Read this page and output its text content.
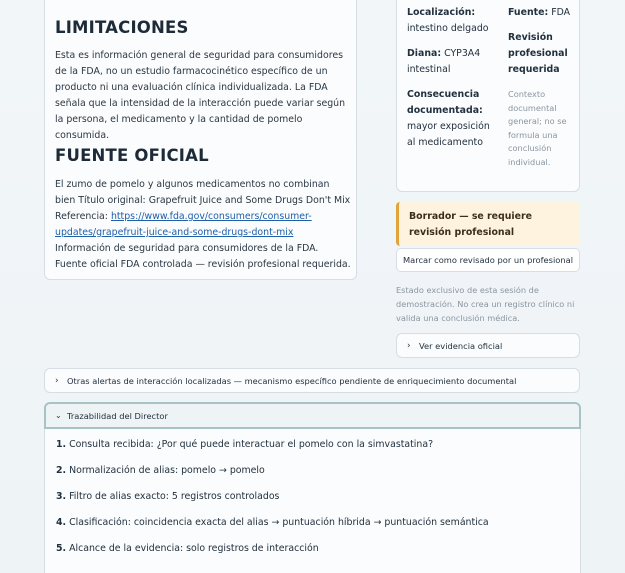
LIMITACIONES
Esta es información general de seguridad para consumidores de la FDA, no un estudio farmacocinético específico de un producto ni una evaluación clínica individualizada. La FDA señala que la intensidad de la interacción puede variar según la persona, el medicamento y la cantidad de pomelo consumida.
FUENTE OFICIAL
El zumo de pomelo y algunos medicamentos no combinan bien Título original: Grapefruit Juice and Some Drugs Don't Mix Referencia: https://www.fda.gov/consumers/consumer-updates/grapefruit-juice-and-some-drugs-dont-mix Información de seguridad para consumidores de la FDA. Fuente oficial FDA controlada — revisión profesional requerida.
Localización:
intestino delgado
Diana: CYP3A4 intestinal
Consecuencia documentada:
mayor exposición al medicamento
Fuente: FDA
Revisión profesional requerida
Contexto documental general; no se formula una conclusión individual.
Borrador — se requiere revisión profesional
Marcar como revisado por un profesional
Estado exclusivo de esta sesión de demostración. No crea un registro clínico ni valida una conclusión médica.
›	Ver evidencia oficial
›	Otras alertas de interacción localizadas — mecanismo específico pendiente de enriquecimiento documental
⌄ Trazabilidad del Director
1. Consulta recibida: ¿Por qué puede interactuar el pomelo con la simvastatina?
2. Normalización de alias: pomelo → pomelo
3. Filtro de alias exacto: 5 registros controlados
4. Clasificación: coincidencia exacta del alias → puntuación híbrida → puntuación semántica
5. Alcance de la evidencia: solo registros de interacción
